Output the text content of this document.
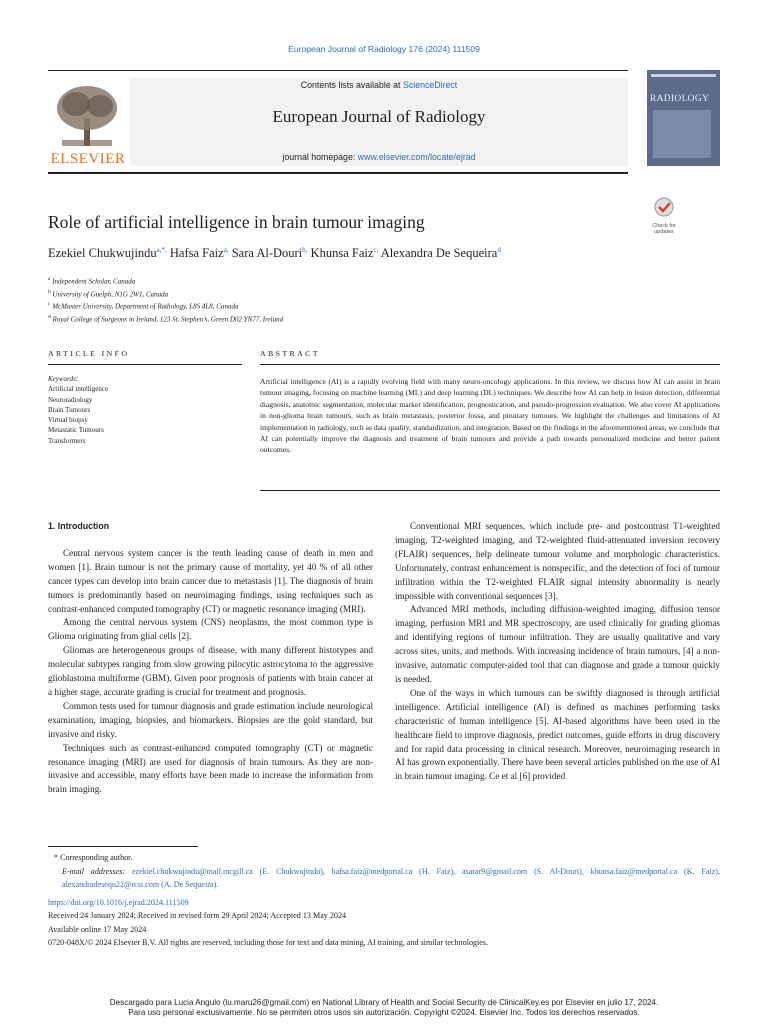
European Journal of Radiology 176 (2024) 111509
ELSEVIER
Contents lists available at ScienceDirect
European Journal of Radiology
journal homepage: www.elsevier.com/locate/ejrad
RADIOLOGY
Role of artificial intelligence in brain tumour imaging	Check for
updates
Ezekiel Chukwujindu$^{a,*,}$ Hafsa Faiz$^{a,}$ Sara Al-Douri$^{b,}$ Khunsa Faiz$^{c,}$ Alexandra De Sequeira$^d$
$^a$ Independent Scholar, Canada
$^b$ University of Guelph, N1G 2W1, Canada
$^c$ McMaster University, Department of Radiology, L8S 4L8, Canada
$^d$ Royal College of Surgeons in Ireland, 123 St. Stephen’s, Green D02 YN77, Ireland
ARTICLE INFO	ABSTRACT
Keywords:
Artificial intelligence
Neuroradiology
Brain Tumours
Virtual biopsy
Metastatic Tumours
Transformers
Artificial intelligence (AI) is a rapidly evolving field with many neuro-oncology applications. In this review, we discuss how AI can assist in brain tumour imaging, focusing on machine learning (ML) and deep learning (DL) techniques. We describe how AI can help in lesion detection, differential diagnosis, anatomic segmentation, molecular marker identification, prognostication, and pseudo-progression evaluation. We also cover AI applications in non-glioma brain tumours, such as brain metastasis, posterior fossa, and pituitary tumours. We highlight the challenges and limitations of AI implementation in radiology, such as data quality, standardization, and integration. Based on the findings in the aforementioned areas, we conclude that AI can potentially improve the diagnosis and treatment of brain tumours and provide a path towards personalized medicine and better patient outcomes.

1. Introduction

Central nervous system cancer is the tenth leading cause of death in men and women [1]. Brain tumour is not the primary cause of mortality, yet 40 % of all other cancer types can develop into brain cancer due to metastasis [1]. The diagnosis of brain tumors is predominantly based on neuroimaging findings, using techniques such as contrast-enhanced computed tomography (CT) or magnetic resonance imaging (MRI).

Among the central nervous system (CNS) neoplasms, the most common type is Glioma originating from glial cells [2].

Gliomas are heterogeneous groups of disease, with many different histotypes and molecular subtypes ranging from slow growing pilocytic astrocytoma to the aggressive glioblastoma multiforme (GBM). Given poor prognosis of patients with brain cancer at a higher stage, accurate grading is crucial for treatment and prognosis.

Common tests used for tumour diagnosis and grade estimation include neurological examination, imaging, biopsies, and biomarkers. Biopsies are the gold standard, but invasive and risky.

Techniques such as contrast-enhanced computed tomography (CT) or magnetic resonance imaging (MRI) are used for diagnosis of brain tumours. As they are non-invasive and accessible, many efforts have been made to increase the information from brain imaging.

Conventional MRI sequences, which include pre- and postcontrast T1-weighted imaging, T2-weighted imaging, and T2-weighted fluid-attenuated inversion recovery (FLAIR) sequences, help delineate tumour volume and morphologic characteristics. Unfortunately, contrast enhancement is nonspecific, and the detection of foci of tumour infiltration within the T2-weighted FLAIR signal intensity abnormality is nearly impossible with conventional sequences [3].

Advanced MRI methods, including diffusion-weighted imaging, diffusion tensor imaging, perfusion MRI and MR spectroscopy, are used clinically for grading gliomas and identifying regions of tumour infiltration. They are usually qualitative and vary across sites, units, and methods. With increasing incidence of brain tumours, [4] a non-invasive, automatic computer-aided tool that can diagnose and grade a tumour quickly is needed.

One of the ways in which tumours can be swiftly diagnosed is through artificial intelligence. Artificial intelligence (AI) is defined as machines performing tasks characteristic of human intelligence [5]. AI-based algorithms have been used in the healthcare field to improve diagnosis, predict outcomes, guide efforts in drug discovery and for rapid data processing in clinical research. Moreover, neuroimaging research in AI has grown exponentially. There have been several articles published on the use of AI in brain tumour imaging. Ce et al [6] provided

* Corresponding author.
E-mail addresses: ezekiel.chukwujindu@mail.mcgill.ca (E. Chukwujindu), hafsa.faiz@medportal.ca (H. Faiz), asarar9@gmail.com (S. Al-Douri), khunsa.faiz@medportal.ca (K. Faiz), alexandradesequ22@rcsi.com (A. De Sequeira).
https://doi.org/10.1016/j.ejrad.2024.111509
Received 24 January 2024; Received in revised form 29 April 2024; Accepted 13 May 2024
Available online 17 May 2024
0720-048X/© 2024 Elsevier B.V. All rights are reserved, including those for text and data mining, AI training, and similar technologies.
Descargado para Lucia Angulo (lu.maru26@gmail.com) en National Library of Health and Social Security de ClinicalKey.es por Elsevier en julio 17, 2024.
Para uso personal exclusivamente. No se permiten otros usos sin autorización. Copyright ©2024. Elsevier Inc. Todos los derechos reservados.
